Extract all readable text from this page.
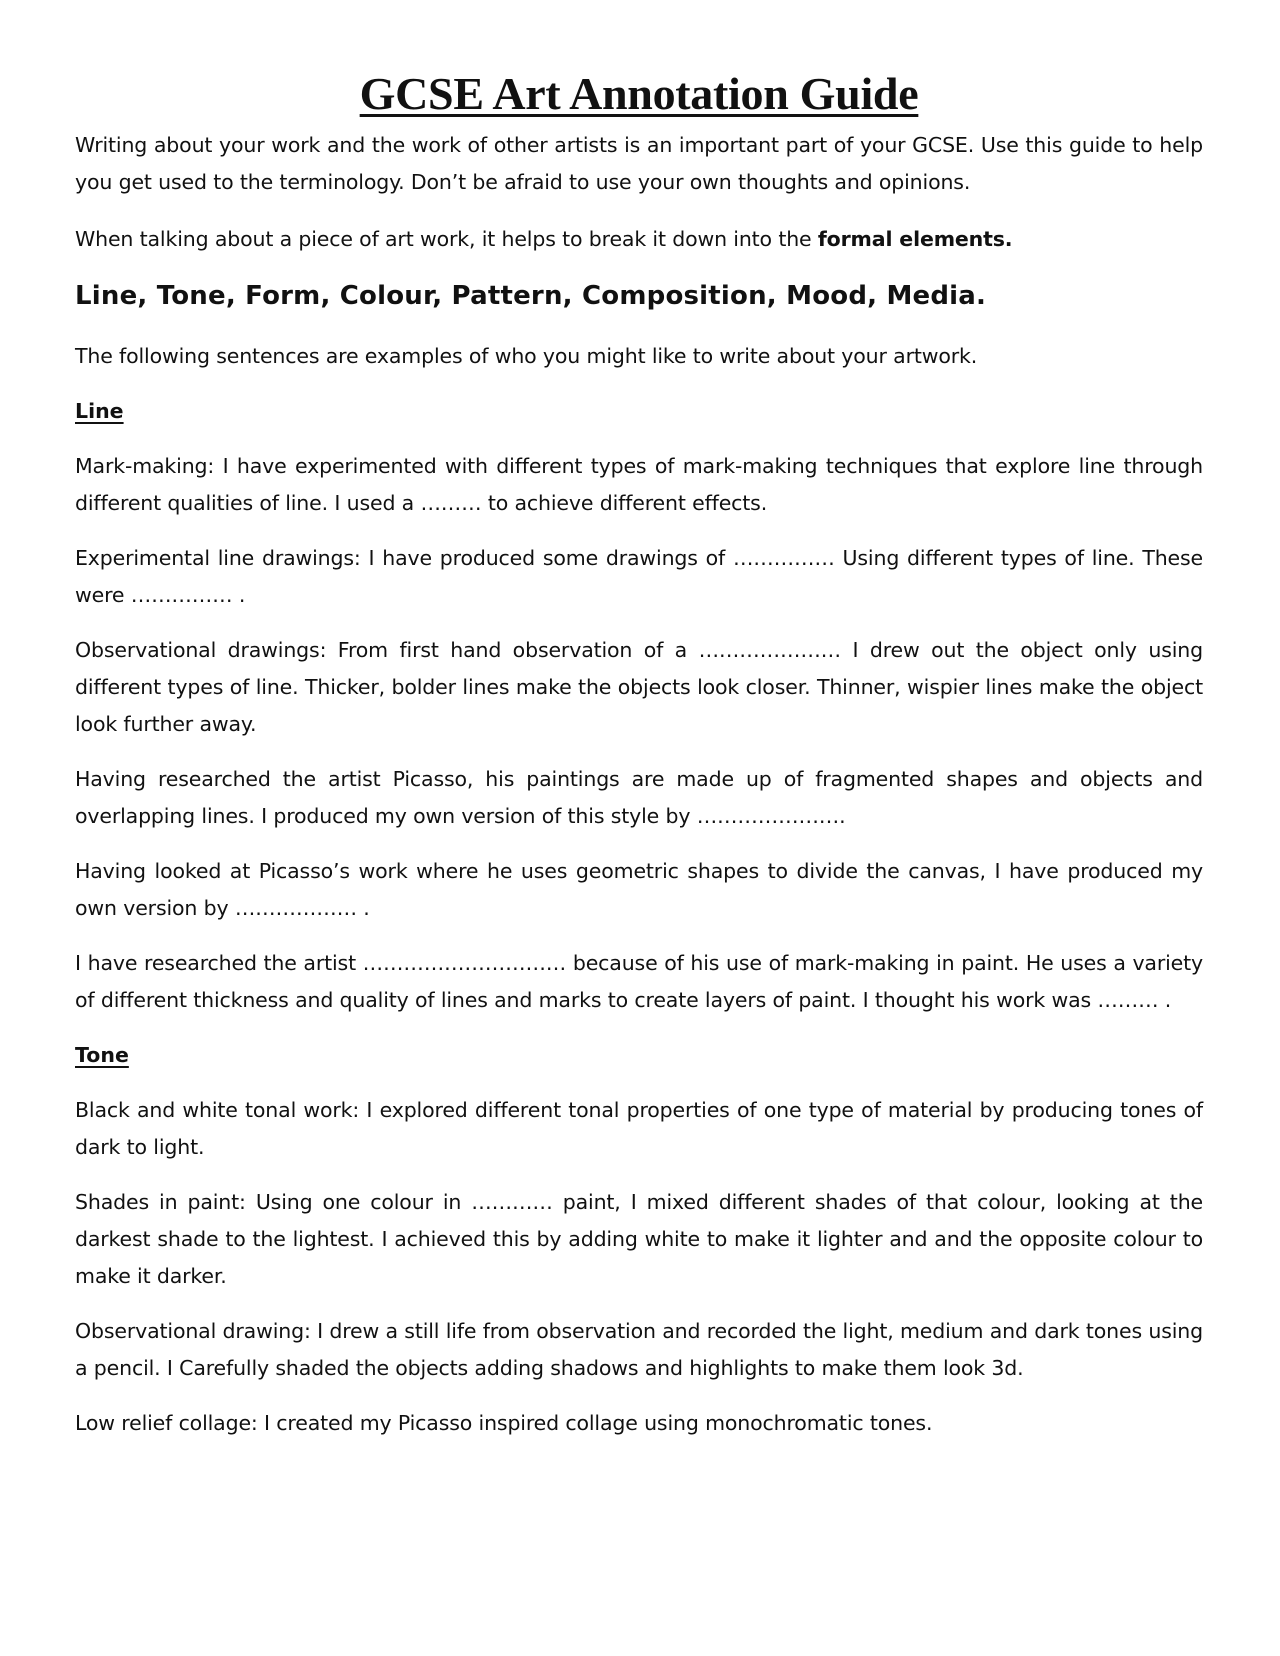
GCSE Art Annotation Guide

Writing about your work and the work of other artists is an important part of your GCSE. Use this guide to help you get used to the terminology. Don’t be afraid to use your own thoughts and opinions.

When talking about a piece of art work, it helps to break it down into the formal elements.

Line, Tone, Form, Colour, Pattern, Composition, Mood, Media.

The following sentences are examples of who you might like to write about your artwork.

Line

Mark-making: I have experimented with different types of mark-making techniques that explore line through different qualities of line. I used a ……… to achieve different effects.

Experimental line drawings: I have produced some drawings of …………… Using different types of line. These were …………… .

Observational drawings: From first hand observation of a ………………… I drew out the object only using different types of line. Thicker, bolder lines make the objects look closer. Thinner, wispier lines make the object look further away.

Having researched the artist Picasso, his paintings are made up of fragmented shapes and objects and overlapping lines. I produced my own version of this style by ………………….

Having looked at Picasso’s work where he uses geometric shapes to divide the canvas, I have produced my own version by ……………… .

I have researched the artist ………………………… because of his use of mark-making in paint. He uses a variety of different thickness and quality of lines and marks to create layers of paint. I thought his work was ……… .

Tone

Black and white tonal work: I explored different tonal properties of one type of material by producing tones of dark to light.

Shades in paint: Using one colour in ………… paint, I mixed different shades of that colour, looking at the darkest shade to the lightest. I achieved this by adding white to make it lighter and and the opposite colour to make it darker.

Observational drawing: I drew a still life from observation and recorded the light, medium and dark tones using a pencil. I Carefully shaded the objects adding shadows and highlights to make them look 3d.

Low relief collage: I created my Picasso inspired collage using monochromatic tones.
